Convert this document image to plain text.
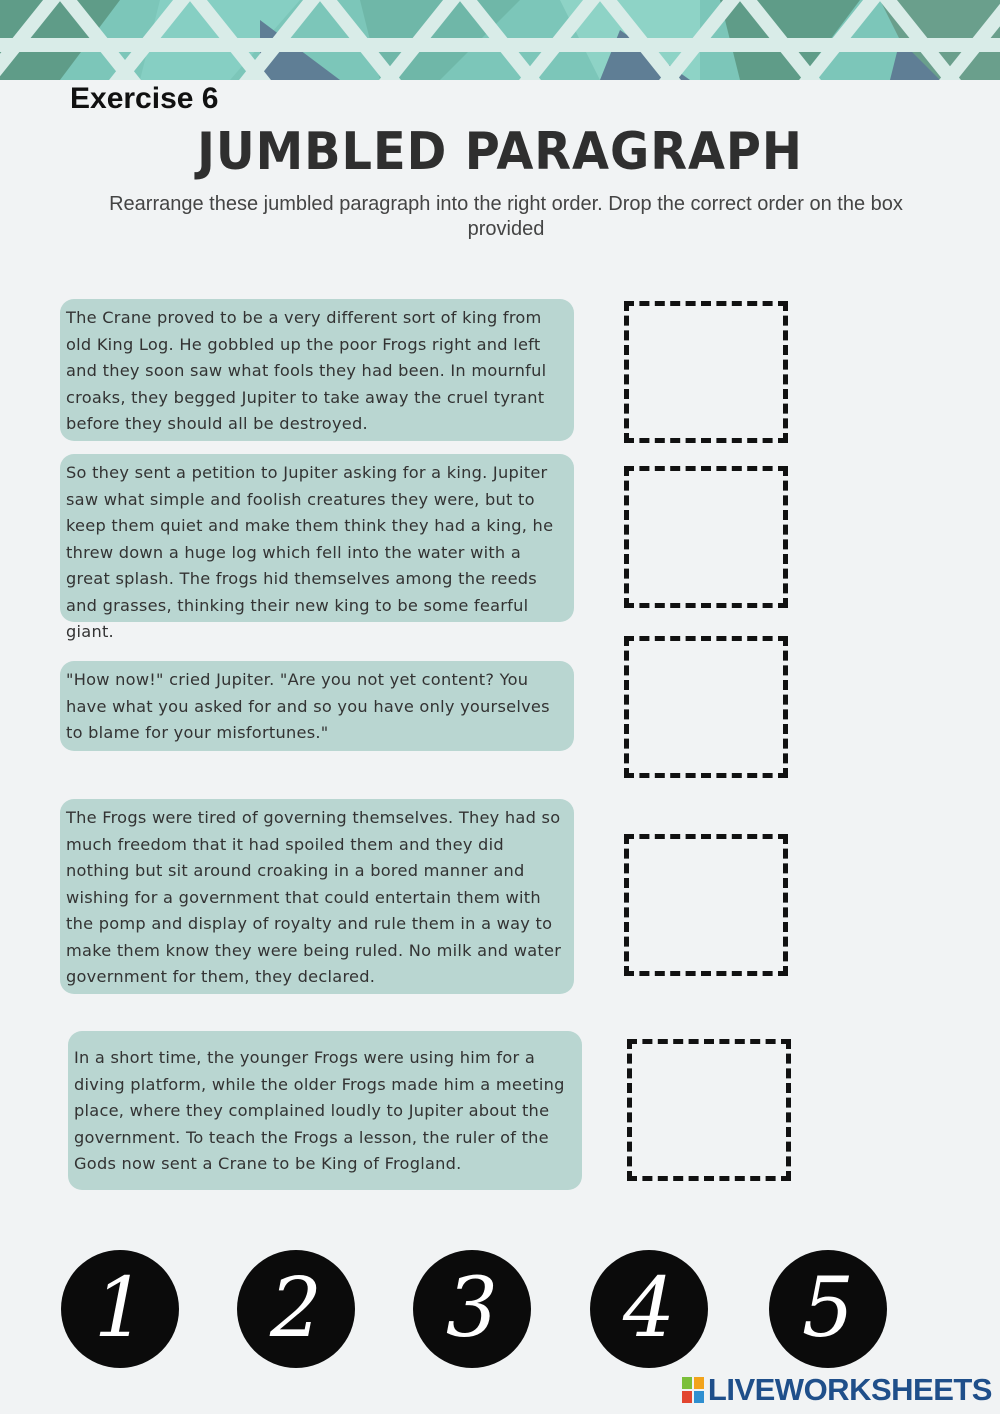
Exercise 6
JUMBLED PARAGRAPH
Rearrange these jumbled paragraph into the right order. Drop the correct order on the box provided
The Crane proved to be a very different sort of king from old King Log. He gobbled up the poor Frogs right and left and they soon saw what fools they had been. In mournful croaks, they begged Jupiter to take away the cruel tyrant before they should all be destroyed.
So they sent a petition to Jupiter asking for a king. Jupiter saw what simple and foolish creatures they were, but to keep them quiet and make them think they had a king, he threw down a huge log which fell into the water with a great splash. The frogs hid themselves among the reeds and grasses, thinking their new king to be some fearful giant.
"How now!" cried Jupiter. "Are you not yet content? You have what you asked for and so you have only yourselves to blame for your misfortunes."
The Frogs were tired of governing themselves. They had so much freedom that it had spoiled them and they did nothing but sit around croaking in a bored manner and wishing for a government that could entertain them with the pomp and display of royalty and rule them in a way to make them know they were being ruled. No milk and water government for them, they declared.
In a short time, the younger Frogs were using him for a diving platform, while the older Frogs made him a meeting place, where they complained loudly to Jupiter about the government. To teach the Frogs a lesson, the ruler of the Gods now sent a Crane to be King of Frogland.
1	2	3	4	5
LIVEWORKSHEETS
